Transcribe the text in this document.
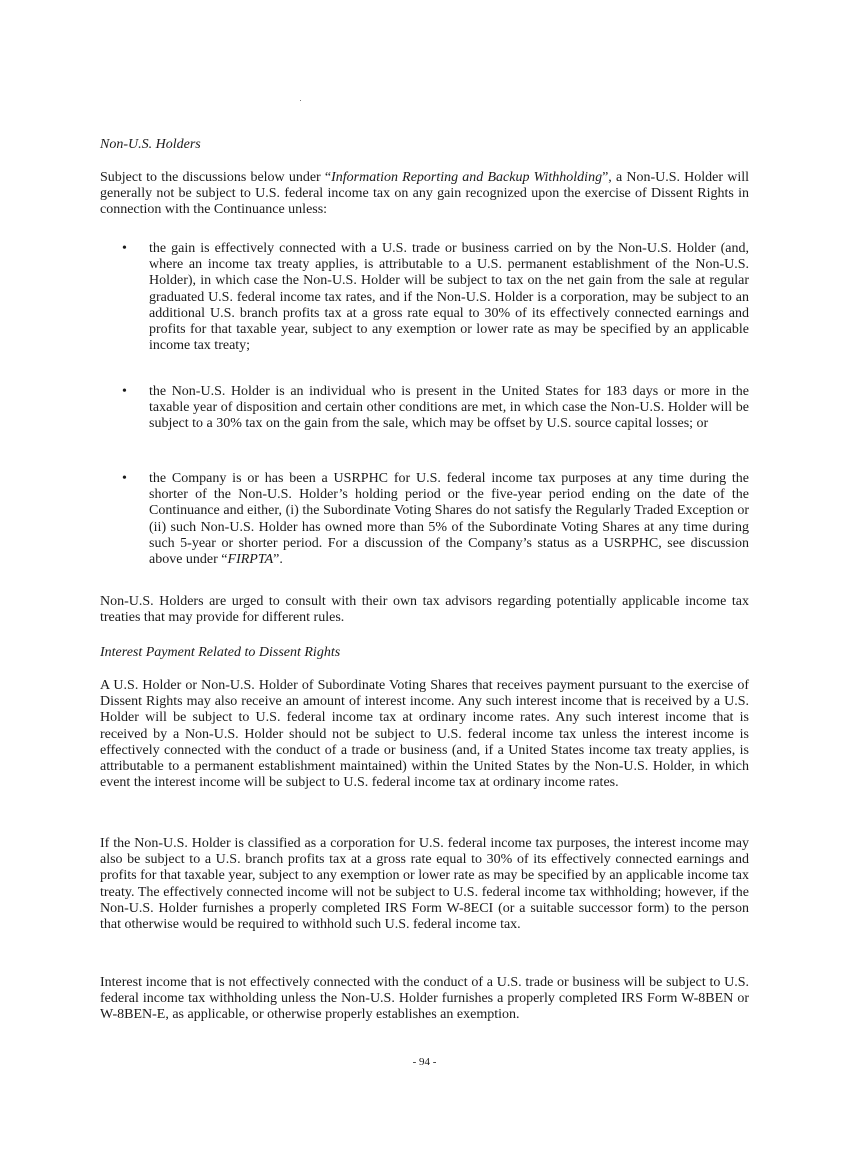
Non-U.S. Holders

Subject to the discussions below under “Information Reporting and Backup Withholding”, a Non-U.S. Holder will generally not be subject to U.S. federal income tax on any gain recognized upon the exercise of Dissent Rights in connection with the Continuance unless:

• the gain is effectively connected with a U.S. trade or business carried on by the Non-U.S. Holder (and, where an income tax treaty applies, is attributable to a U.S. permanent establishment of the Non-U.S. Holder), in which case the Non-U.S. Holder will be subject to tax on the net gain from the sale at regular graduated U.S. federal income tax rates, and if the Non-U.S. Holder is a corporation, may be subject to an additional U.S. branch profits tax at a gross rate equal to 30% of its effectively connected earnings and profits for that taxable year, subject to any exemption or lower rate as may be specified by an applicable income tax treaty;

• the Non-U.S. Holder is an individual who is present in the United States for 183 days or more in the taxable year of disposition and certain other conditions are met, in which case the Non-U.S. Holder will be subject to a 30% tax on the gain from the sale, which may be offset by U.S. source capital losses; or

• the Company is or has been a USRPHC for U.S. federal income tax purposes at any time during the shorter of the Non-U.S. Holder’s holding period or the five-year period ending on the date of the Continuance and either, (i) the Subordinate Voting Shares do not satisfy the Regularly Traded Exception or (ii) such Non-U.S. Holder has owned more than 5% of the Subordinate Voting Shares at any time during such 5-year or shorter period. For a discussion of the Company’s status as a USRPHC, see discussion above under “FIRPTA”.

Non-U.S. Holders are urged to consult with their own tax advisors regarding potentially applicable income tax treaties that may provide for different rules.

Interest Payment Related to Dissent Rights

A U.S. Holder or Non-U.S. Holder of Subordinate Voting Shares that receives payment pursuant to the exercise of Dissent Rights may also receive an amount of interest income. Any such interest income that is received by a U.S. Holder will be subject to U.S. federal income tax at ordinary income rates. Any such interest income that is received by a Non-U.S. Holder should not be subject to U.S. federal income tax unless the interest income is effectively connected with the conduct of a trade or business (and, if a United States income tax treaty applies, is attributable to a permanent establishment maintained) within the United States by the Non-U.S. Holder, in which event the interest income will be subject to U.S. federal income tax at ordinary income rates.

If the Non-U.S. Holder is classified as a corporation for U.S. federal income tax purposes, the interest income may also be subject to a U.S. branch profits tax at a gross rate equal to 30% of its effectively connected earnings and profits for that taxable year, subject to any exemption or lower rate as may be specified by an applicable income tax treaty. The effectively connected income will not be subject to U.S. federal income tax withholding; however, if the Non-U.S. Holder furnishes a properly completed IRS Form W-8ECI (or a suitable successor form) to the person that otherwise would be required to withhold such U.S. federal income tax.

Interest income that is not effectively connected with the conduct of a U.S. trade or business will be subject to U.S. federal income tax withholding unless the Non-U.S. Holder furnishes a properly completed IRS Form W-8BEN or W-8BEN-E, as applicable, or otherwise properly establishes an exemption.

- 94 -
